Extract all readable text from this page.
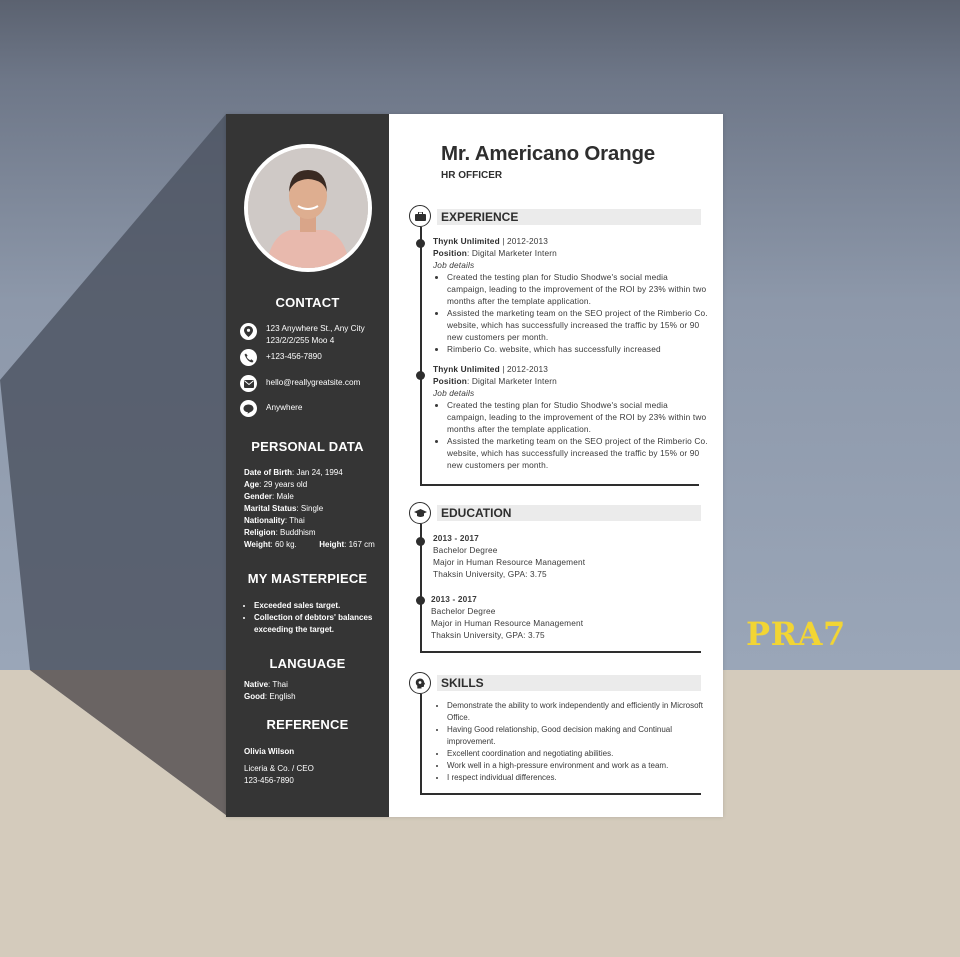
CONTACT
123 Anywhere St., Any City
123/2/2/255 Moo 4
+123-456-7890
hello@reallygreatsite.com
Anywhere
PERSONAL DATA
Date of Birth: Jan 24, 1994
Age: 29 years old
Gender: Male
Marital Status: Single
Nationality: Thai
Religion: Buddhism
Weight: 60 kg.	Height: 167 cm
MY MASTERPIECE
• Exceeded sales target.
• Collection of debtors' balances exceeding the target.
LANGUAGE
Native: Thai
Good: English
REFERENCE
Olivia Wilson
Liceria & Co. / CEO
123-456-7890
Mr. Americano Orange
HR OFFICER
EXPERIENCE
Thynk Unlimited | 2012-2013
Position: Digital Marketer Intern
Job details
• Created the testing plan for Studio Shodwe's social media campaign, leading to the improvement of the ROI by 23% within two months after the template application.
• Assisted the marketing team on the SEO project of the Rimberio Co. website, which has successfully increased the traffic by 15% or 90 new customers per month.
• Rimberio Co. website, which has successfully increased
Thynk Unlimited | 2012-2013
Position: Digital Marketer Intern
Job details
• Created the testing plan for Studio Shodwe's social media campaign, leading to the improvement of the ROI by 23% within two months after the template application.
• Assisted the marketing team on the SEO project of the Rimberio Co. website, which has successfully increased the traffic by 15% or 90 new customers per month.
EDUCATION
2013 - 2017
Bachelor Degree
Major in Human Resource Management
Thaksin University, GPA: 3.75
2013 - 2017
Bachelor Degree
Major in Human Resource Management
Thaksin University, GPA: 3.75
SKILLS
• Demonstrate the ability to work independently and efficiently in Microsoft Office.
• Having Good relationship, Good decision making and Continual improvement.
• Excellent coordination and negotiating abilities.
• Work well in a high-pressure environment and work as a team.
• I respect individual differences.
PRA7
